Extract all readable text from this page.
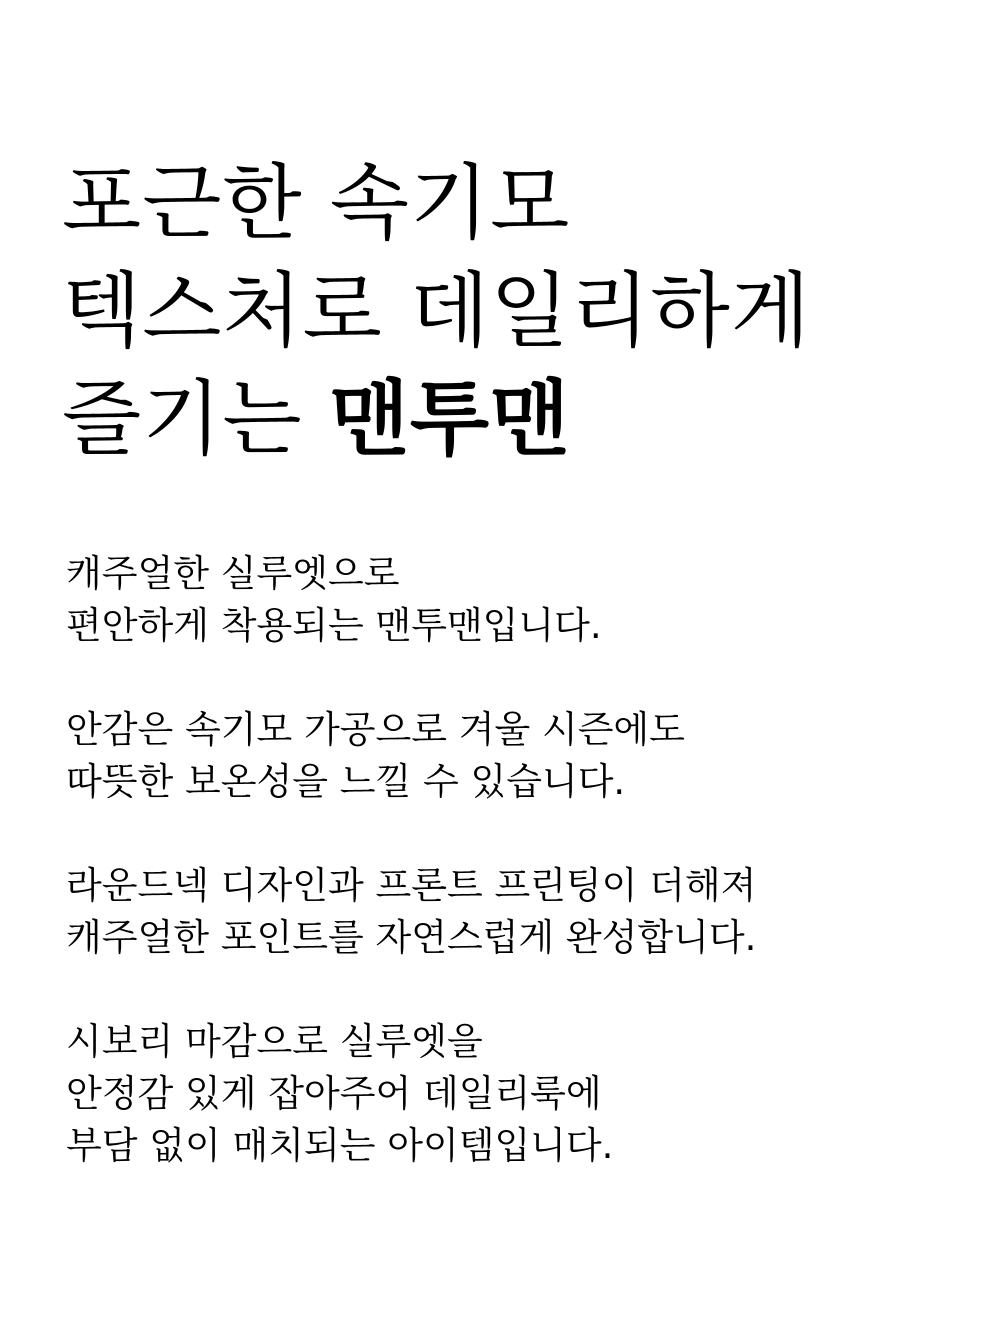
포근한 속기모
텍스처로 데일리하게
즐기는 맨투맨

캐주얼한 실루엣으로
편안하게 착용되는 맨투맨입니다.

안감은 속기모 가공으로 겨울 시즌에도
따뜻한 보온성을 느낄 수 있습니다.

라운드넥 디자인과 프론트 프린팅이 더해져
캐주얼한 포인트를 자연스럽게 완성합니다.

시보리 마감으로 실루엣을
안정감 있게 잡아주어 데일리룩에
부담 없이 매치되는 아이템입니다.
